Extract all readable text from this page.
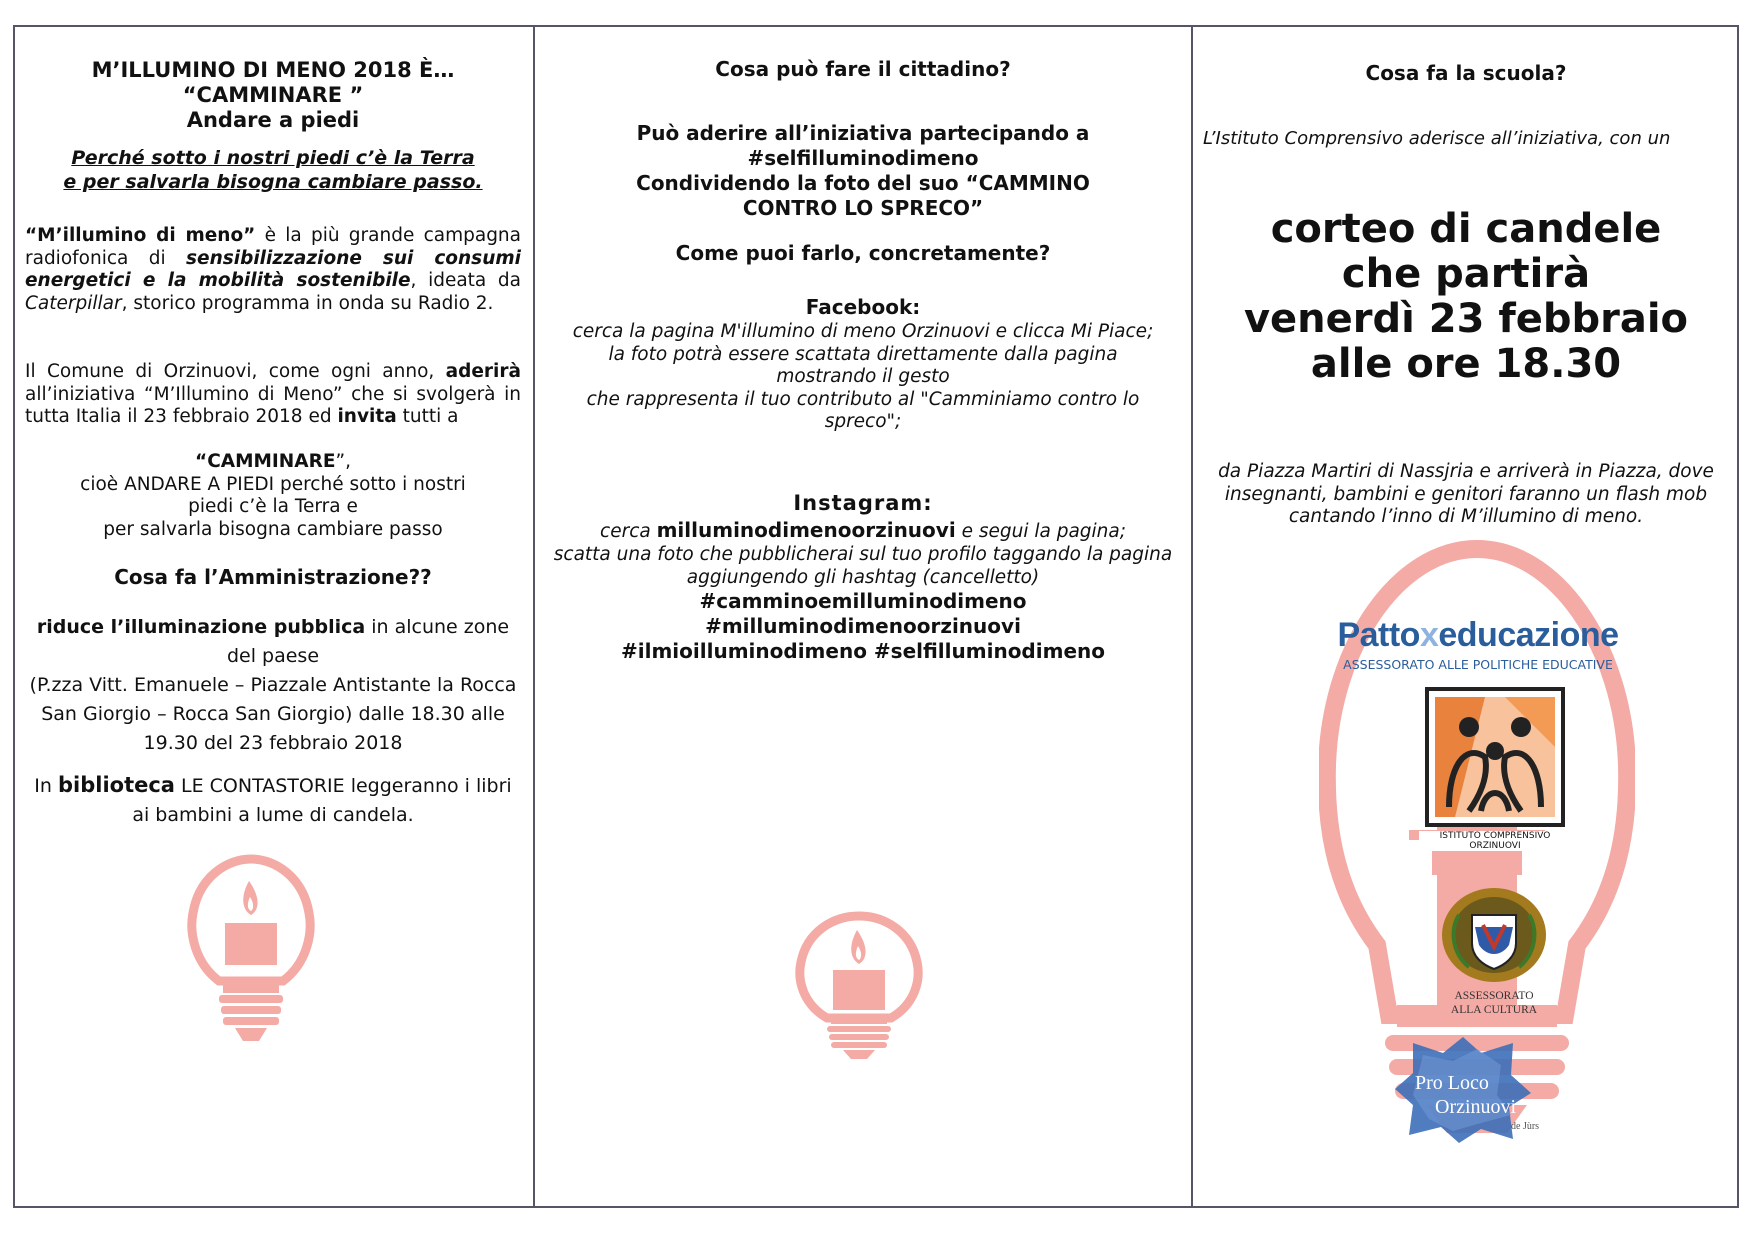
M’ILLUMINO DI MENO 2018 È…
“CAMMINARE ”
Andare a piedi
Perché sotto i nostri piedi c’è la Terra
e per salvarla bisogna cambiare passo.

“M’illumino di meno” è la più grande campagna radiofonica di sensibilizzazione sui consumi energetici e la mobilità sostenibile, ideata da Caterpillar, storico programma in onda su Radio 2.

Il Comune di Orzinuovi, come ogni anno, aderirà all’iniziativa “M’Illumino di Meno” che si svolgerà in tutta Italia il 23 febbraio 2018 ed invita tutti a

“CAMMINARE”,
cioè ANDARE A PIEDI perché sotto i nostri piedi c’è la Terra e
per salvarla bisogna cambiare passo
Cosa fa l’Amministrazione??

riduce l’illuminazione pubblica in alcune zone del paese
(P.zza Vitt. Emanuele – Piazzale Antistante la Rocca San Giorgio – Rocca San Giorgio) dalle 18.30 alle 19.30 del 23 febbraio 2018

In biblioteca LE CONTASTORIE leggeranno i libri ai bambini a lume di candela.

Cosa può fare il cittadino?
Può aderire all’iniziativa partecipando a
#selfilluminodimeno
Condividendo la foto del suo “CAMMINO
CONTRO LO SPRECO”
Come puoi farlo, concretamente?
Facebook:
cerca la pagina M'illumino di meno Orzinuovi e clicca Mi Piace;
la foto potrà essere scattata direttamente dalla pagina mostrando il gesto
che rappresenta il tuo contributo al "Camminiamo contro lo spreco";
Instagram:
cerca milluminodimenoorzinuovi e segui la pagina;
scatta una foto che pubblicherai sul tuo profilo taggando la pagina aggiungendo gli hashtag (cancelletto)
#camminoemilluminodimeno
#milluminodimenoorzinuovi
#ilmioilluminodimeno #selfilluminodimeno
Cosa fa la scuola?

L’Istituto Comprensivo aderisce all’iniziativa, con un

corteo di candele
che partirà
venerdì 23 febbraio
alle ore 18.30

da Piazza Martiri di Nassjria e arriverà in Piazza, dove insegnanti, bambini e genitori faranno un flash mob cantando l’inno di M’illumino di meno.

Pattoxeducazione
ASSESSORATO ALLE POLITICHE EDUCATIVE
ISTITUTO COMPRENSIVO ORZINUOVI
ASSESSORATO
ALLA CULTURA
Pro Loco
Orzinuovi
de Jùrs
